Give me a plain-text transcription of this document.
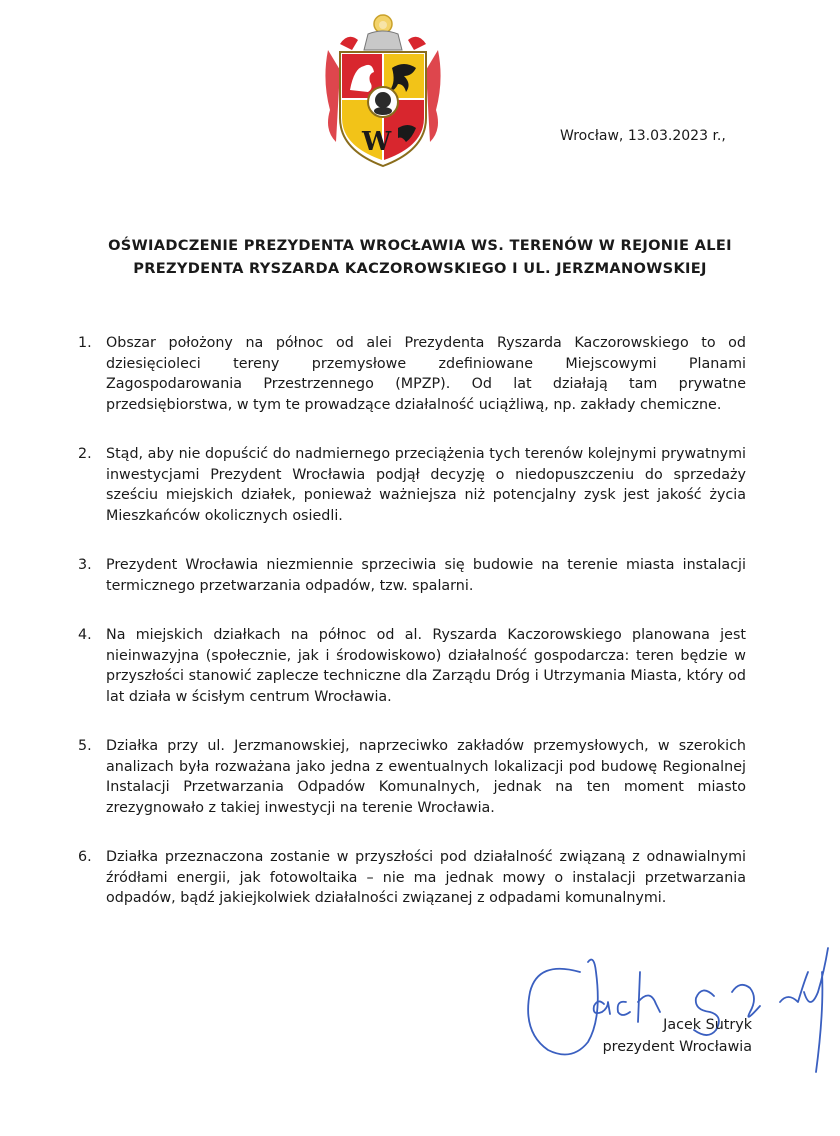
W	Wrocław, 13.03.2023 r.,
OŚWIADCZENIE PREZYDENTA WROCŁAWIA WS. TERENÓW W REJONIE ALEI
PREZYDENTA RYSZARDA KACZOROWSKIEGO I UL. JERZMANOWSKIEJ
1. Obszar położony na północ od alei Prezydenta Ryszarda Kaczorowskiego to od dziesięcioleci tereny przemysłowe zdefiniowane Miejscowymi Planami Zagospodarowania Przestrzennego (MPZP). Od lat działają tam prywatne przedsiębiorstwa, w tym te prowadzące działalność uciążliwą, np. zakłady chemiczne.
2. Stąd, aby nie dopuścić do nadmiernego przeciążenia tych terenów kolejnymi prywatnymi inwestycjami Prezydent Wrocławia podjął decyzję o niedopuszczeniu do sprzedaży sześciu miejskich działek, ponieważ ważniejsza niż potencjalny zysk jest jakość życia Mieszkańców okolicznych osiedli.
3. Prezydent Wrocławia niezmiennie sprzeciwia się budowie na terenie miasta instalacji termicznego przetwarzania odpadów, tzw. spalarni.
4. Na miejskich działkach na północ od al. Ryszarda Kaczorowskiego planowana jest nieinwazyjna (społecznie, jak i środowiskowo) działalność gospodarcza: teren będzie w przyszłości stanowić zaplecze techniczne dla Zarządu Dróg i Utrzymania Miasta, który od lat działa w ścisłym centrum Wrocławia.
5. Działka przy ul. Jerzmanowskiej, naprzeciwko zakładów przemysłowych, w szerokich analizach była rozważana jako jedna z ewentualnych lokalizacji pod budowę Regionalnej Instalacji Przetwarzania Odpadów Komunalnych, jednak na ten moment miasto zrezygnowało z takiej inwestycji na terenie Wrocławia.
6. Działka przeznaczona zostanie w przyszłości pod działalność związaną z odnawialnymi źródłami energii, jak fotowoltaika – nie ma jednak mowy o instalacji przetwarzania odpadów, bądź jakiejkolwiek działalności związanej z odpadami komunalnymi.
Jacek Sutryk
prezydent Wrocławia
